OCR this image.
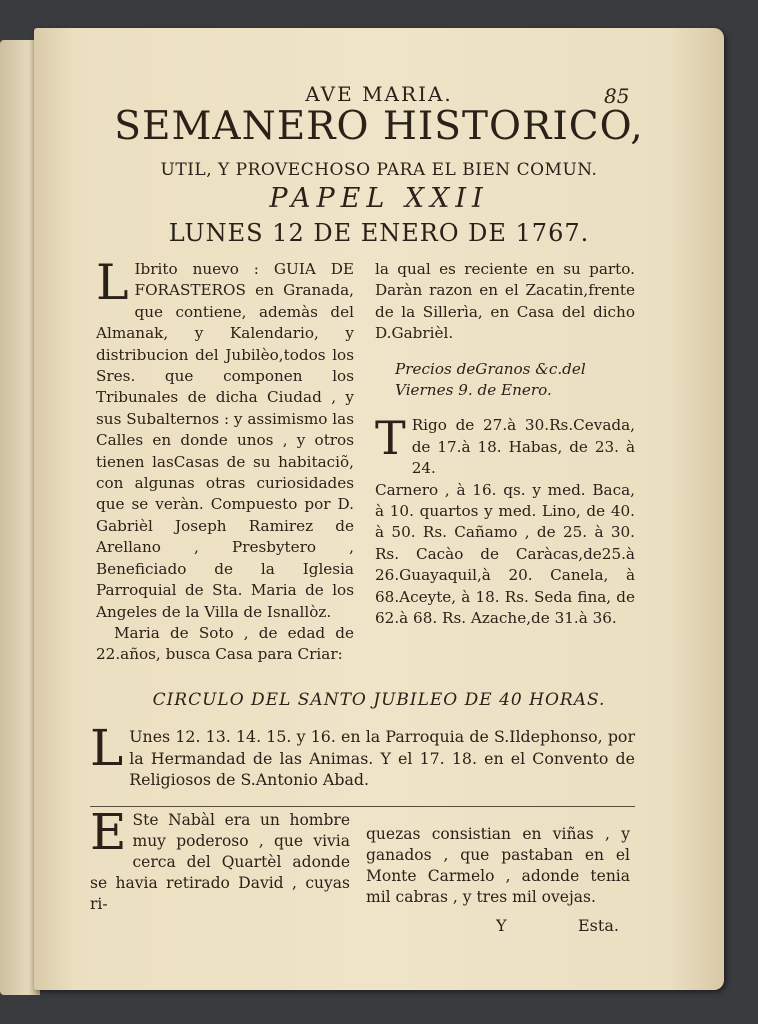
AVE MARIA.	85
SEMANERO HISTORICO,
UTIL, Y PROVECHOSO PARA EL BIEN COMUN.
PAPEL XXII
LUNES 12 DE ENERO DE 1767.

L Ibrito nuevo : GUIA DE FORASTEROS en Granada, que contiene, ademàs del Almanak, y Kalendario, y distribucion del Jubilèo,todos los Sres. que componen los Tribunales de dicha Ciudad , y sus Subalternos : y assimismo las Calles en donde unos , y otros tienen lasCasas de su habitaciõ, con algunas otras curiosidades que se veràn. Compuesto por D. Gabrièl Joseph Ramirez de Arellano , Presbytero , Beneficiado de la Iglesia Parroquial de Sta. Maria de los Angeles de la Villa de Isnallòz.

Maria de Soto , de edad de 22.años, busca Casa para Criar:

la qual es reciente en su parto. Daràn razon en el Zacatin,frente de la Sillerìa, en Casa del dicho D.Gabrièl.

Precios deGranos &c.del Viernes 9. de Enero.

T Rigo de 27.à 30.Rs.Cevada, de 17.à 18. Habas, de 23. à 24.

Carnero , à 16. qs. y med. Baca, à 10. quartos y med. Lino, de 40. à 50. Rs. Cañamo , de 25. à 30. Rs. Cacào de Caràcas,de25.à 26.Guayaquil,à 20. Canela, à 68.Aceyte, à 18. Rs. Seda fina, de 62.à 68. Rs. Azache,de 31.à 36.

CIRCULO DEL SANTO JUBILEO DE 40 HORAS.

L Unes 12. 13. 14. 15. y 16. en la Parroquia de S.Ildephonso, por la Hermandad de las Animas. Y el 17. 18. en el Convento de Religiosos de S.Antonio Abad.

E Ste Nabàl era un hombre muy poderoso , que vivia cerca del Quartèl adonde se havia retirado David , cuyas ri-

quezas consistian en viñas , y ganados , que pastaban en el Monte Carmelo , adonde tenia mil cabras , y tres mil ovejas.

Y	Esta.
